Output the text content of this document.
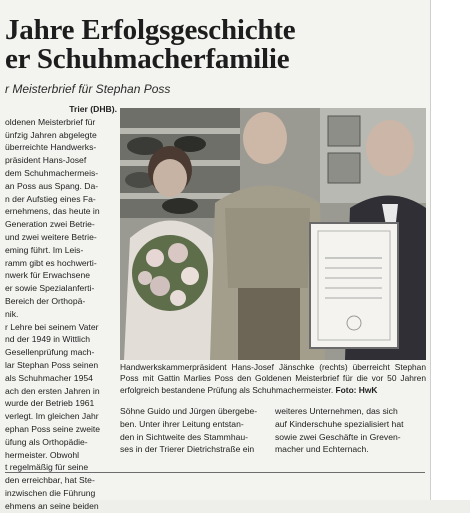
Jahre Erfolgsgeschichte
er Schuhmacherfamilie
r Meisterbrief für Stephan Poss
Trier (DHB).
oldenen Meisterbrief für
ünfzig Jahren abgelegte
überreichte Handwerks-
präsident Hans-Josef
dem Schuhmachermeis-
an Poss aus Spang. Da-
n der Aufstieg eines Fa-
ernehmens, das heute in
Generation zwei Betrie-
und zwei weitere Betrie-
eming führt. Im Leis-
ramm gibt es hochwerti-
nwerk für Erwachsene
er sowie Spezialanferti-
Bereich der Orthopä-
nik.
r Lehre bei seinem Vater
nd der 1949 in Wittlich
Gesellenprüfung mach-
lar Stephan Poss seinen
als Schuhmacher 1954
ach den ersten Jahren in
wurde der Betrieb 1961
verlegt. Im gleichen Jahr
ephan Poss seine zweite
üfung als Orthopädie-
hermeister. Obwohl
t regelmäßig für seine
den erreichbar, hat Ste-
inzwischen die Führung
ehmens an seine beiden
Handwerkskammerpräsident Hans-Josef Jänschke (rechts) überreicht Stephan Poss mit Gattin Marlies Poss den Goldenen Meisterbrief für die vor 50 Jahren erfolgreich bestandene Prüfung als Schuhmachermeister. Foto: HwK
Söhne Guido und Jürgen übergebe-
ben. Unter ihrer Leitung entstan-
den in Sichtweite des Stammhau-
ses in der Trierer Dietrichstraße ein
weiteres Unternehmen, das sich
auf Kinderschuhe spezialisiert hat
sowie zwei Geschäfte in Greven-
macher und Echternach.
